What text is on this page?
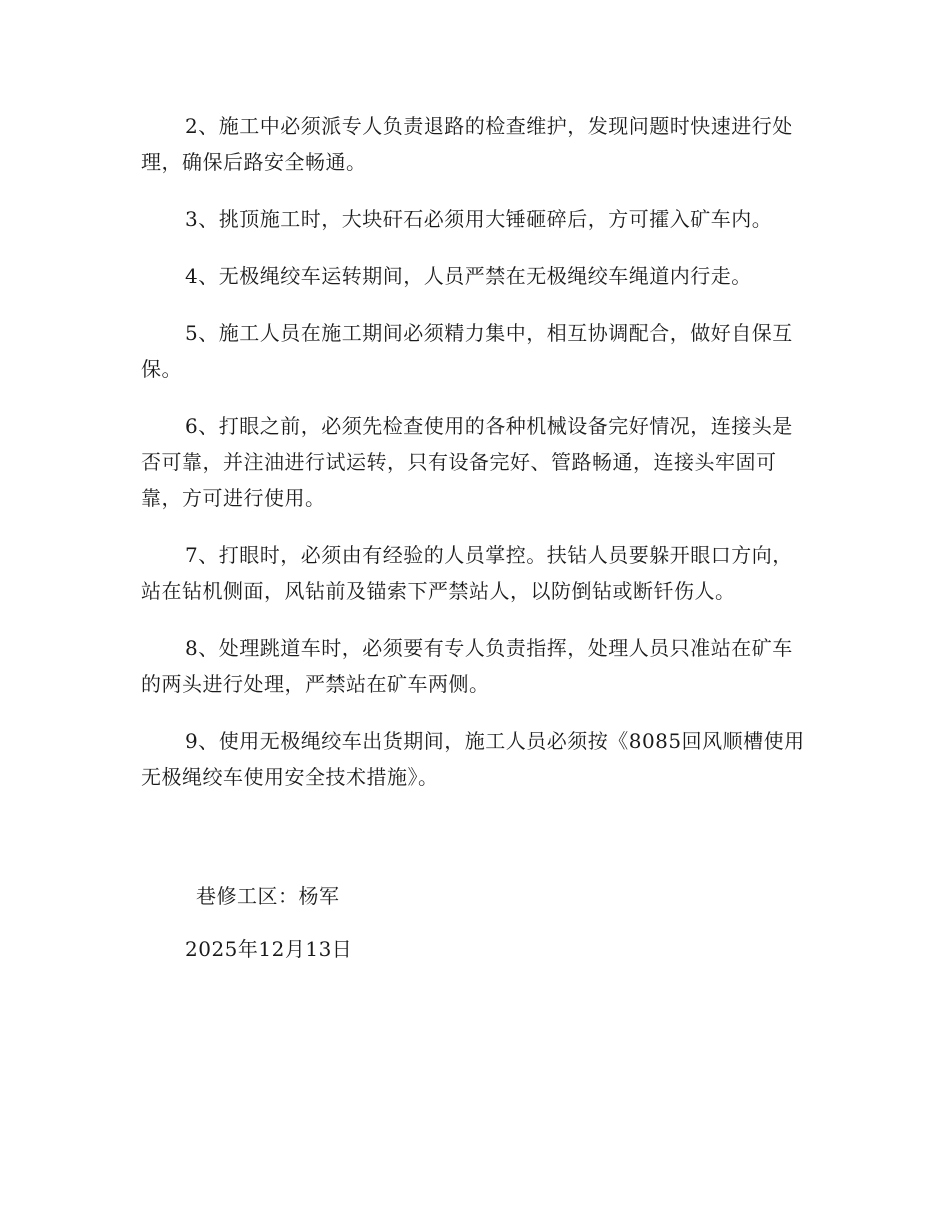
2、施工中必须派专人负责退路的检查维护，发现问题时快速进行处理，确保后路安全畅通。

3、挑顶施工时，大块矸石必须用大锤砸碎后，方可攉入矿车内。

4、无极绳绞车运转期间，人员严禁在无极绳绞车绳道内行走。

5、施工人员在施工期间必须精力集中，相互协调配合，做好自保互保。

6、打眼之前，必须先检查使用的各种机械设备完好情况，连接头是否可靠，并注油进行试运转，只有设备完好、管路畅通，连接头牢固可靠，方可进行使用。

7、打眼时，必须由有经验的人员掌控。扶钻人员要躲开眼口方向，站在钻机侧面，风钻前及锚索下严禁站人，以防倒钻或断钎伤人。

8、处理跳道车时，必须要有专人负责指挥，处理人员只准站在矿车的两头进行处理，严禁站在矿车两侧。

9、使用无极绳绞车出货期间，施工人员必须按《8085回风顺槽使用无极绳绞车使用安全技术措施》。

巷修工区：杨军
2025年12月13日
